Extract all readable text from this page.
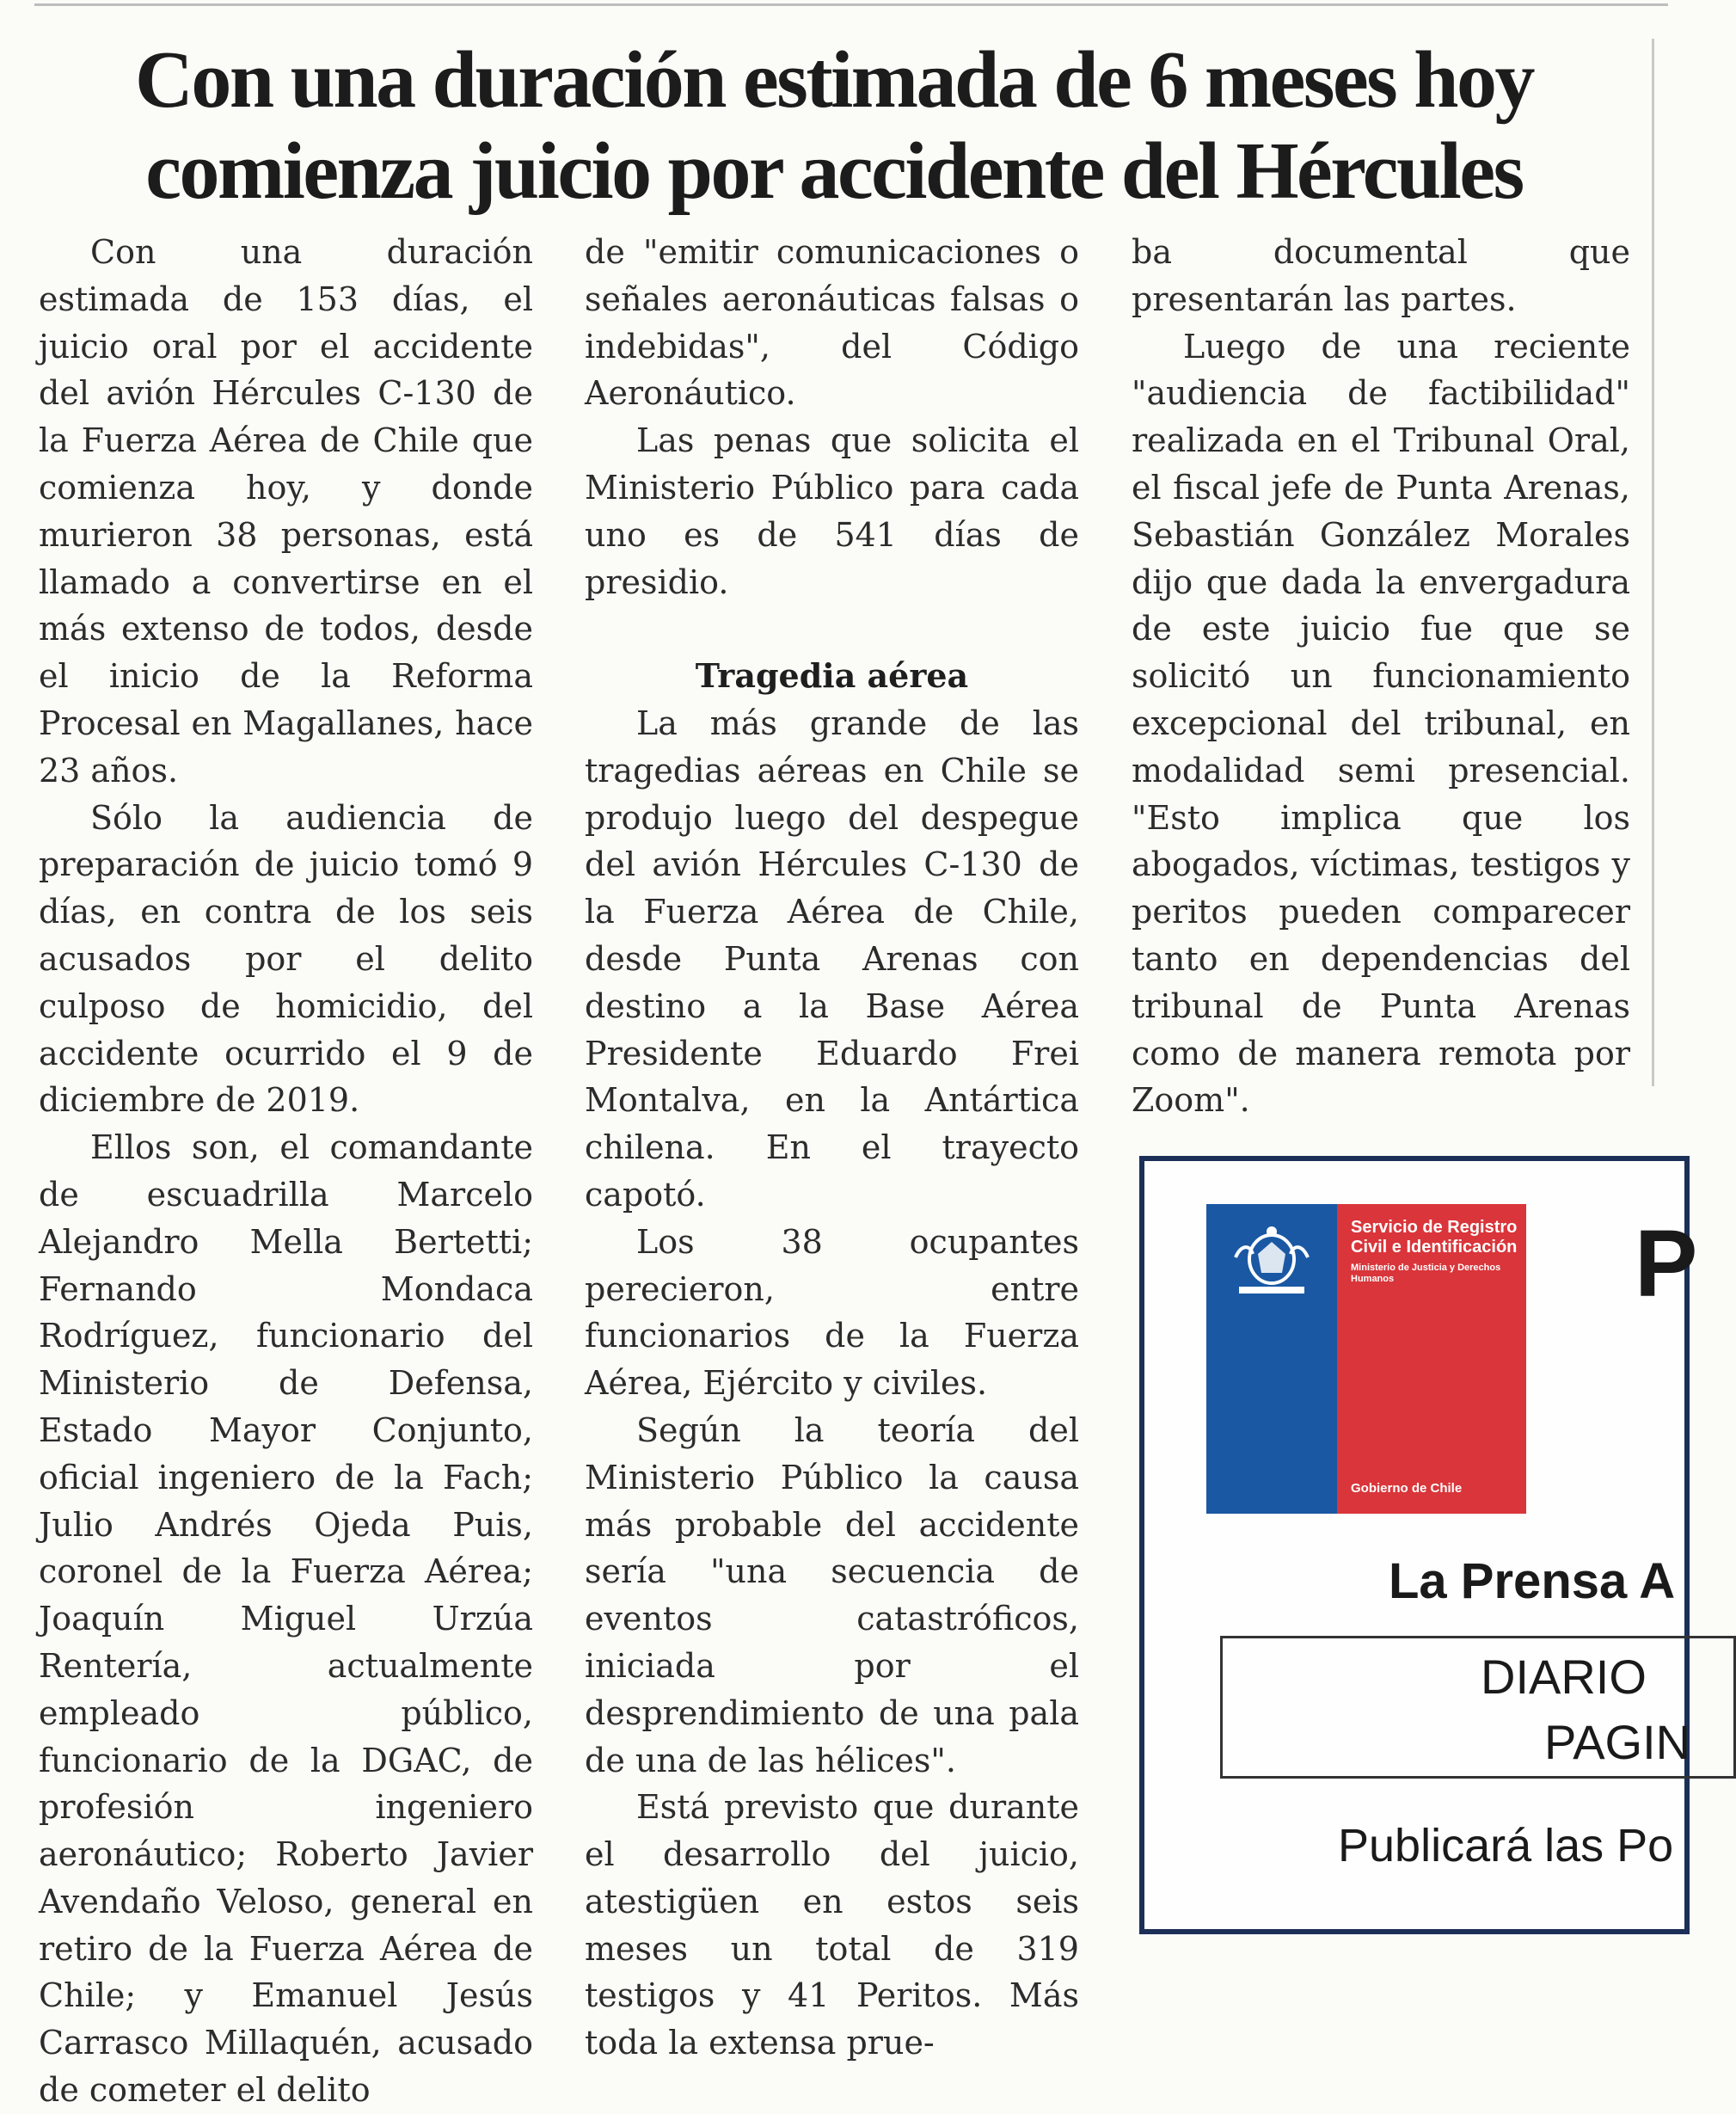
Con una duración estimada de 6 meses hoy comienza juicio por accidente del Hércules

Con una duración estimada de 153 días, el juicio oral por el accidente del avión Hércules C-130 de la Fuerza Aérea de Chile que comienza hoy, y donde murieron 38 personas, está llamado a convertirse en el más extenso de todos, desde el inicio de la Reforma Procesal en Magallanes, hace 23 años.

Sólo la audiencia de preparación de juicio tomó 9 días, en contra de los seis acusados por el delito culposo de homicidio, del accidente ocurrido el 9 de diciembre de 2019.

Ellos son, el comandante de escuadrilla Marcelo Alejandro Mella Bertetti; Fernando Mondaca Rodríguez, funcionario del Ministerio de Defensa, Estado Mayor Conjunto, oficial ingeniero de la Fach; Julio Andrés Ojeda Puis, coronel de la Fuerza Aérea; Joaquín Miguel Urzúa Rentería, actualmente empleado público, funcionario de la DGAC, de profesión ingeniero aeronáutico; Roberto Javier Avendaño Veloso, general en retiro de la Fuerza Aérea de Chile; y Emanuel Jesús Carrasco Millaquén, acusado de cometer el delito

de "emitir comunicaciones o señales aeronáuticas falsas o indebidas", del Código Aeronáutico.

Las penas que solicita el Ministerio Público para cada uno es de 541 días de presidio.

Tragedia aérea

La más grande de las tragedias aéreas en Chile se produjo luego del despegue del avión Hércules C-130 de la Fuerza Aérea de Chile, desde Punta Arenas con destino a la Base Aérea Presidente Eduardo Frei Montalva, en la Antártica chilena. En el trayecto capotó.

Los 38 ocupantes perecieron, entre funcionarios de la Fuerza Aérea, Ejército y civiles.

Según la teoría del Ministerio Público la causa más probable del accidente sería "una secuencia de eventos catastróficos, iniciada por el desprendimiento de una pala de una de las hélices".

Está previsto que durante el desarrollo del juicio, atestigüen en estos seis meses un total de 319 testigos y 41 Peritos. Más toda la extensa prue-

ba documental que presentarán las partes.

Luego de una reciente "audiencia de factibilidad" realizada en el Tribunal Oral, el fiscal jefe de Punta Arenas, Sebastián González Morales dijo que dada la envergadura de este juicio fue que se solicitó un funcionamiento excepcional del tribunal, en modalidad semi presencial. "Esto implica que los abogados, víctimas, testigos y peritos pueden comparecer tanto en dependencias del tribunal de Punta Arenas como de manera remota por Zoom".

Servicio de Registro Civil e Identificación

Ministerio de Justicia y Derechos Humanos

Gobierno de Chile
P
La Prensa A
DIARIO
PAGIN
Publicará las Po
